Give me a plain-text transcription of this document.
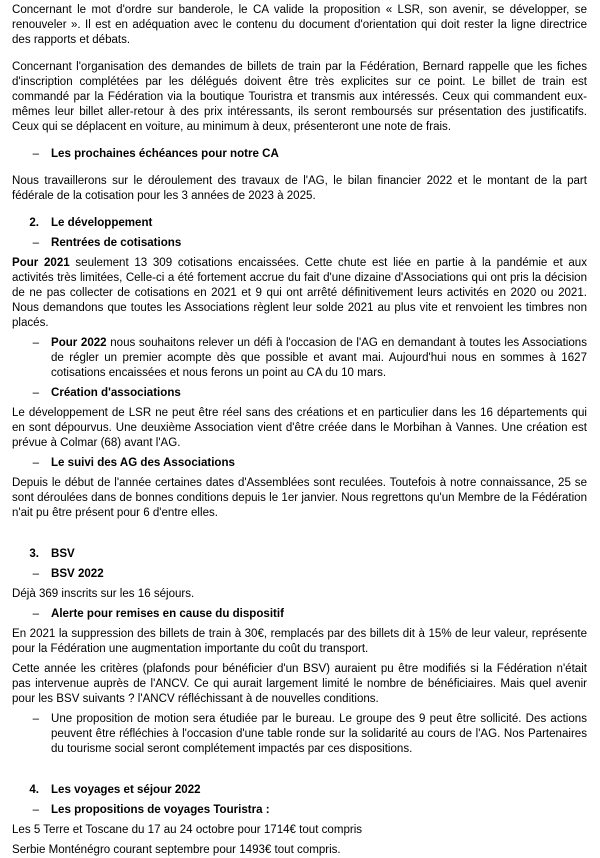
Concernant le mot d'ordre sur banderole, le CA valide la proposition « LSR, son avenir, se développer, se renouveler ». Il est en adéquation avec le contenu du document d'orientation qui doit rester la ligne directrice des rapports et débats.

Concernant l'organisation des demandes de billets de train par la Fédération, Bernard rappelle que les fiches d'inscription complétées par les délégués doivent être très explicites sur ce point. Le billet de train est commandé par la Fédération via la boutique Touristra et transmis aux intéressés. Ceux qui commandent eux-mêmes leur billet aller-retour à des prix intéressants, ils seront remboursés sur présentation des justificatifs. Ceux qui se déplacent en voiture, au minimum à deux, présenteront une note de frais.

–	Les prochaines échéances pour notre CA

Nous travaillerons sur le déroulement des travaux de l'AG, le bilan financier 2022 et le montant de la part fédérale de la cotisation pour les 3 années de 2023 à 2025.

2.	Le développement
–	Rentrées de cotisations

Pour 2021 seulement 13 309 cotisations encaissées. Cette chute est liée en partie à la pandémie et aux activités très limitées, Celle-ci a été fortement accrue du fait d'une dizaine d'Associations qui ont pris la décision de ne pas collecter de cotisations en 2021 et 9 qui ont arrêté définitivement leurs activités en 2020 ou 2021. Nous demandons que toutes les Associations règlent leur solde 2021 au plus vite et renvoient les timbres non placés.

–	Pour 2022 nous souhaitons relever un défi à l'occasion de l'AG en demandant à toutes les Associations de régler un premier acompte dès que possible et avant mai. Aujourd'hui nous en sommes à 1627 cotisations encaissées et nous ferons un point au CA du 10 mars.
–	Création d'associations

Le développement de LSR ne peut être réel sans des créations et en particulier dans les 16 départements qui en sont dépourvus. Une deuxième Association vient d'être créée dans le Morbihan à Vannes. Une création est prévue à Colmar (68) avant l'AG.

–	Le suivi des AG des Associations

Depuis le début de l'année certaines dates d'Assemblées sont reculées. Toutefois à notre connaissance, 25 se sont déroulées dans de bonnes conditions depuis le 1er janvier. Nous regrettons qu'un Membre de la Fédération n'ait pu être présent pour 6 d'entre elles.

3.	BSV
–	BSV 2022

Déjà 369 inscrits sur les 16 séjours.

–	Alerte pour remises en cause du dispositif

En 2021 la suppression des billets de train à 30€, remplacés par des billets dit à 15% de leur valeur, représente pour la Fédération une augmentation importante du coût du transport.

Cette année les critères (plafonds pour bénéficier d'un BSV) auraient pu être modifiés si la Fédération n'était pas intervenue auprès de l'ANCV. Ce qui aurait largement limité le nombre de bénéficiaires. Mais quel avenir pour les BSV suivants ? l'ANCV réfléchissant à de nouvelles conditions.

–	Une proposition de motion sera étudiée par le bureau. Le groupe des 9 peut être sollicité. Des actions peuvent être réfléchies à l'occasion d'une table ronde sur la solidarité au cours de l'AG. Nos Partenaires du tourisme social seront complétement impactés par ces dispositions.
4.	Les voyages et séjour 2022
–	Les propositions de voyages Touristra :

Les 5 Terre et Toscane du 17 au 24 octobre pour 1714€ tout compris

Serbie Monténégro courant septembre pour 1493€ tout compris.
